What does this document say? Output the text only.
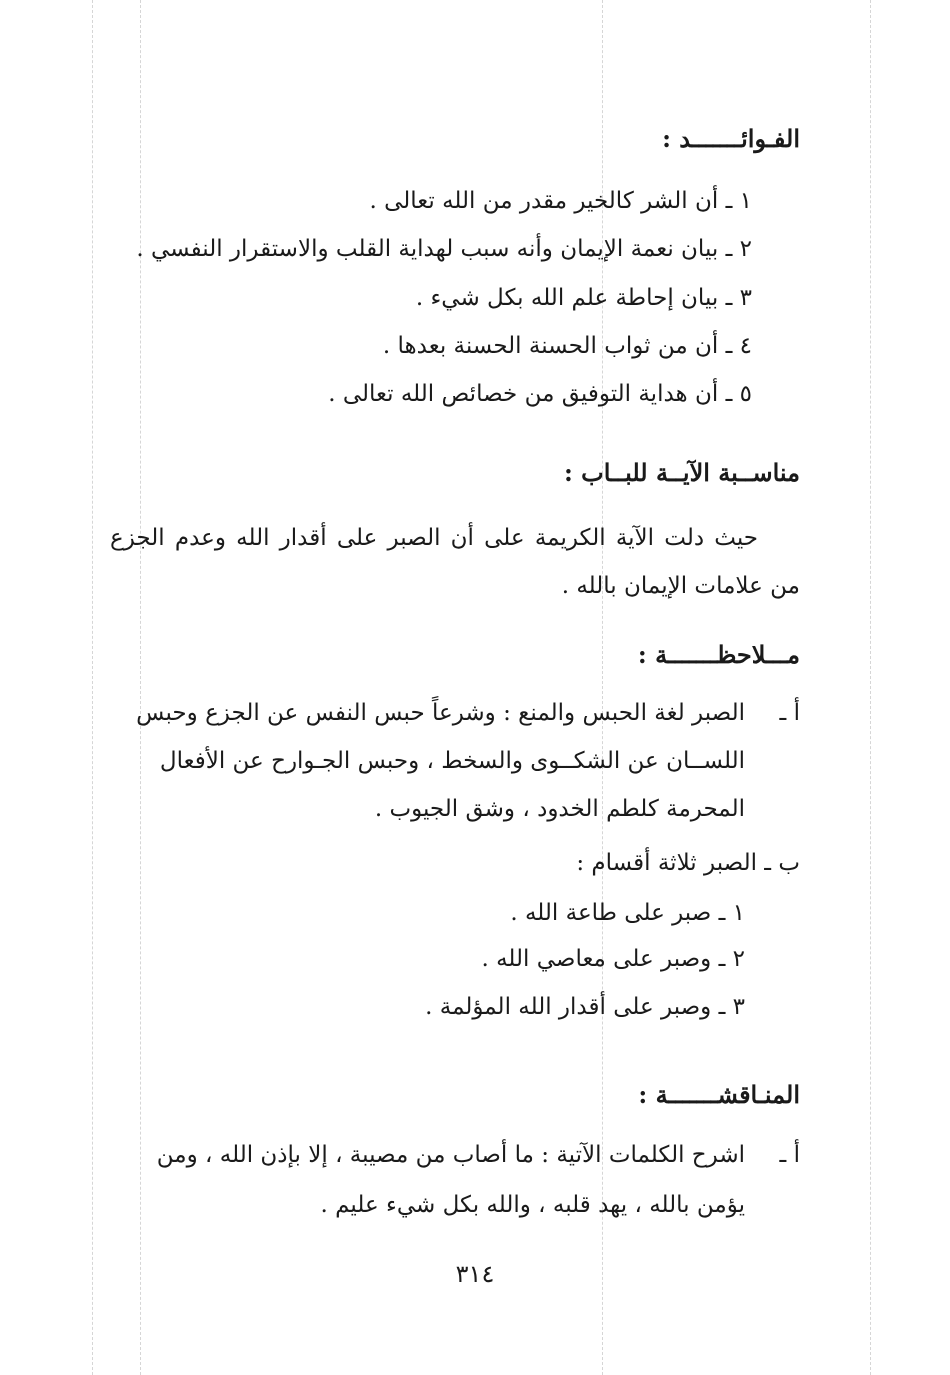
الفـوائـــــــد :
١ ـ أن الشر كالخير مقدر من الله تعالى .
٢ ـ بيان نعمة الإيمان وأنه سبب لهداية القلب والاستقرار النفسي .
٣ ـ بيان إحاطة علم الله بكل شيء .
٤ ـ أن من ثواب الحسنة الحسنة بعدها .
٥ ـ أن هداية التوفيق من خصائص الله تعالى .
مناســبة الآيــة للبــاب :
حيث دلت الآية الكريمة على أن الصبر على أقدار الله وعدم الجزع من علامات الإيمان بالله .
مـــلاحظـــــــة :
أ ـ
الصبر لغة الحبس والمنع : وشرعاً حبس النفس عن الجزع وحبس
اللســان عن الشكــوى والسخط ، وحبس الجـوارح عن الأفعال
المحرمة كلطم الخدود ، وشق الجيوب .
ب ـ الصبر ثلاثة أقسام :
١ ـ صبر على طاعة الله .
٢ ـ وصبر على معاصي الله .
٣ ـ وصبر على أقدار الله المؤلمة .
المنـاقشـــــــة :
أ ـ
اشرح الكلمات الآتية : ما أصاب من مصيبة ، إلا بإذن الله ، ومن
يؤمن بالله ، يهد قلبه ، والله بكل شيء عليم .
٣١٤
